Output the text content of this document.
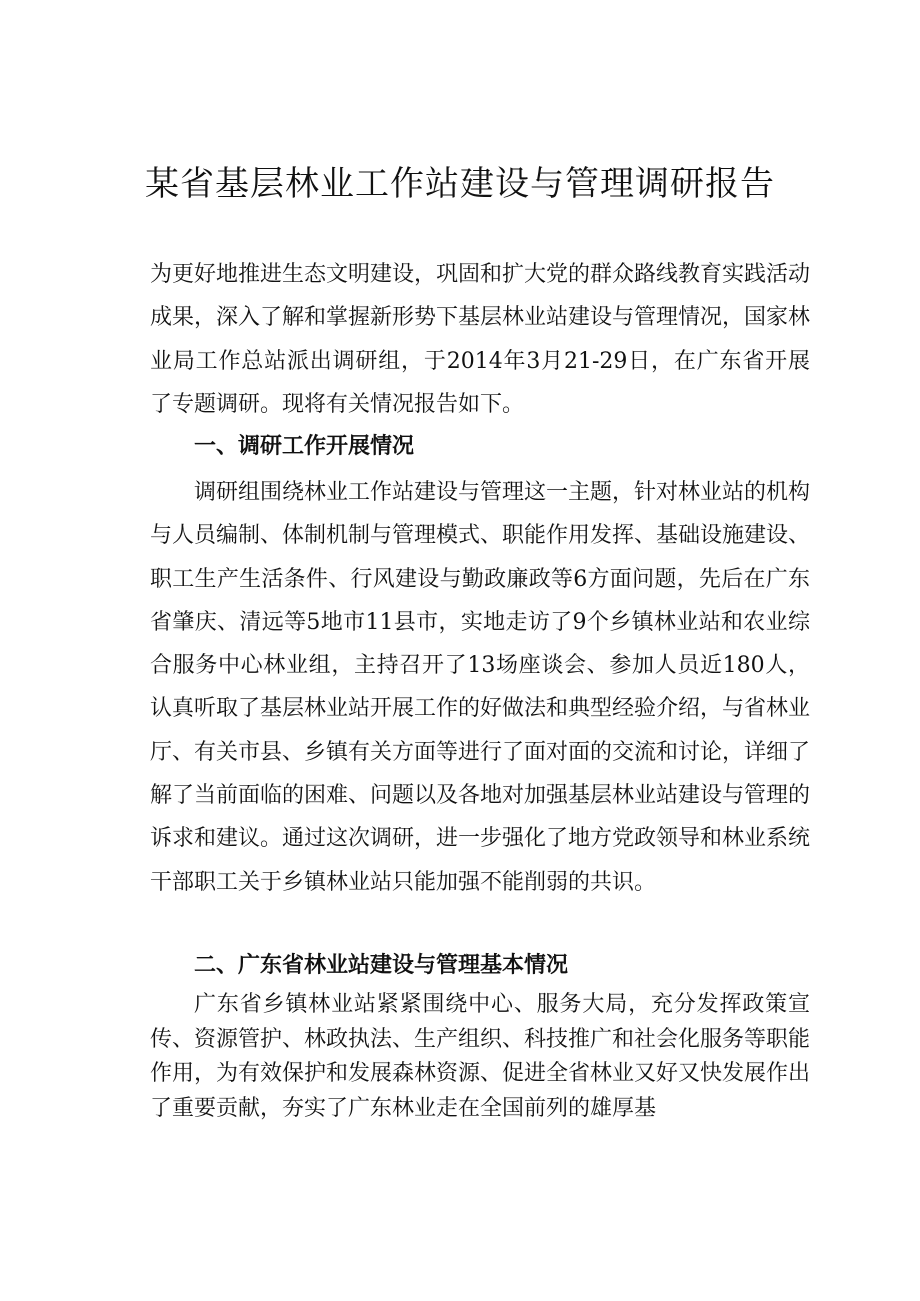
某省基层林业工作站建设与管理调研报告

为更好地推进生态文明建设，巩固和扩大党的群众路线教育实践活动成果，深入了解和掌握新形势下基层林业站建设与管理情况，国家林业局工作总站派出调研组，于2014年3月21-29日，在广东省开展了专题调研。现将有关情况报告如下。

一、调研工作开展情况

调研组围绕林业工作站建设与管理这一主题，针对林业站的机构与人员编制、体制机制与管理模式、职能作用发挥、基础设施建设、职工生产生活条件、行风建设与勤政廉政等6方面问题，先后在广东省肇庆、清远等5地市11县市，实地走访了9个乡镇林业站和农业综合服务中心林业组，主持召开了13场座谈会、参加人员近180人，认真听取了基层林业站开展工作的好做法和典型经验介绍，与省林业厅、有关市县、乡镇有关方面等进行了面对面的交流和讨论，详细了解了当前面临的困难、问题以及各地对加强基层林业站建设与管理的诉求和建议。通过这次调研，进一步强化了地方党政领导和林业系统干部职工关于乡镇林业站只能加强不能削弱的共识。

二、广东省林业站建设与管理基本情况

广东省乡镇林业站紧紧围绕中心、服务大局，充分发挥政策宣传、资源管护、林政执法、生产组织、科技推广和社会化服务等职能作用，为有效保护和发展森林资源、促进全省林业又好又快发展作出了重要贡献，夯实了广东林业走在全国前列的雄厚基
